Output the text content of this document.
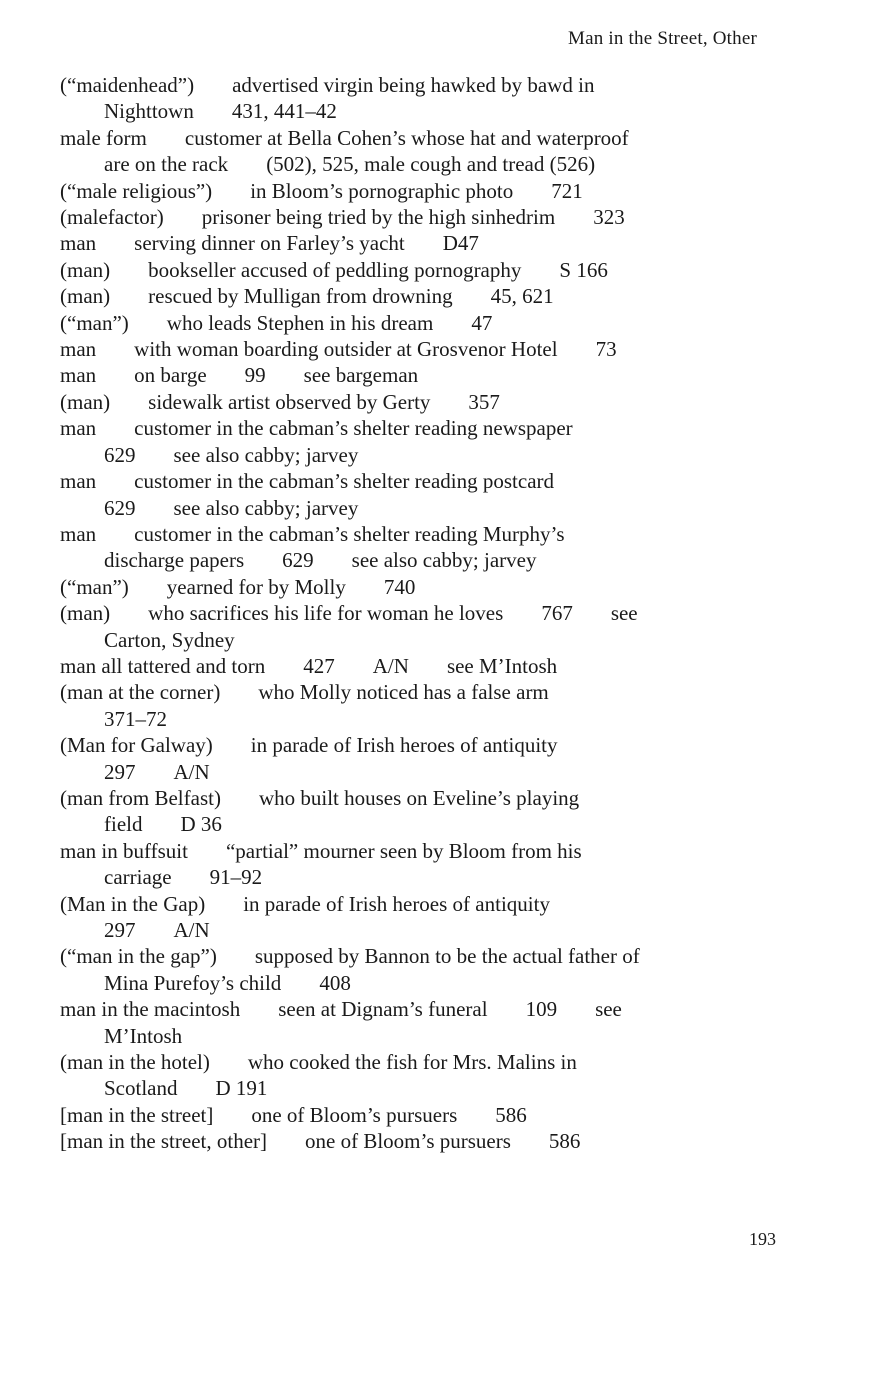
Man in the Street, Other
(“maidenhead”) advertised virgin being hawked by bawd in
Nighttown 431, 441–42
male form customer at Bella Cohen’s whose hat and waterproof
are on the rack (502), 525, male cough and tread (526)
(“male religious”) in Bloom’s pornographic photo 721
(malefactor) prisoner being tried by the high sinhedrim 323
man serving dinner on Farley’s yacht D47
(man) bookseller accused of peddling pornography S 166
(man) rescued by Mulligan from drowning 45, 621
(“man”) who leads Stephen in his dream 47
man with woman boarding outsider at Grosvenor Hotel 73
man on barge 99 see bargeman
(man) sidewalk artist observed by Gerty 357
man customer in the cabman’s shelter reading newspaper
629 see also cabby; jarvey
man customer in the cabman’s shelter reading postcard
629 see also cabby; jarvey
man customer in the cabman’s shelter reading Murphy’s
discharge papers 629 see also cabby; jarvey
(“man”) yearned for by Molly 740
(man) who sacrifices his life for woman he loves 767 see
Carton, Sydney
man all tattered and torn 427 A/N see M’Intosh
(man at the corner) who Molly noticed has a false arm
371–72
(Man for Galway) in parade of Irish heroes of antiquity
297 A/N
(man from Belfast) who built houses on Eveline’s playing
field D 36
man in buffsuit “partial” mourner seen by Bloom from his
carriage 91–92
(Man in the Gap) in parade of Irish heroes of antiquity
297 A/N
(“man in the gap”) supposed by Bannon to be the actual father of
Mina Purefoy’s child 408
man in the macintosh seen at Dignam’s funeral 109 see
M’Intosh
(man in the hotel) who cooked the fish for Mrs. Malins in
Scotland D 191
[man in the street] one of Bloom’s pursuers 586
[man in the street, other] one of Bloom’s pursuers 586
193
